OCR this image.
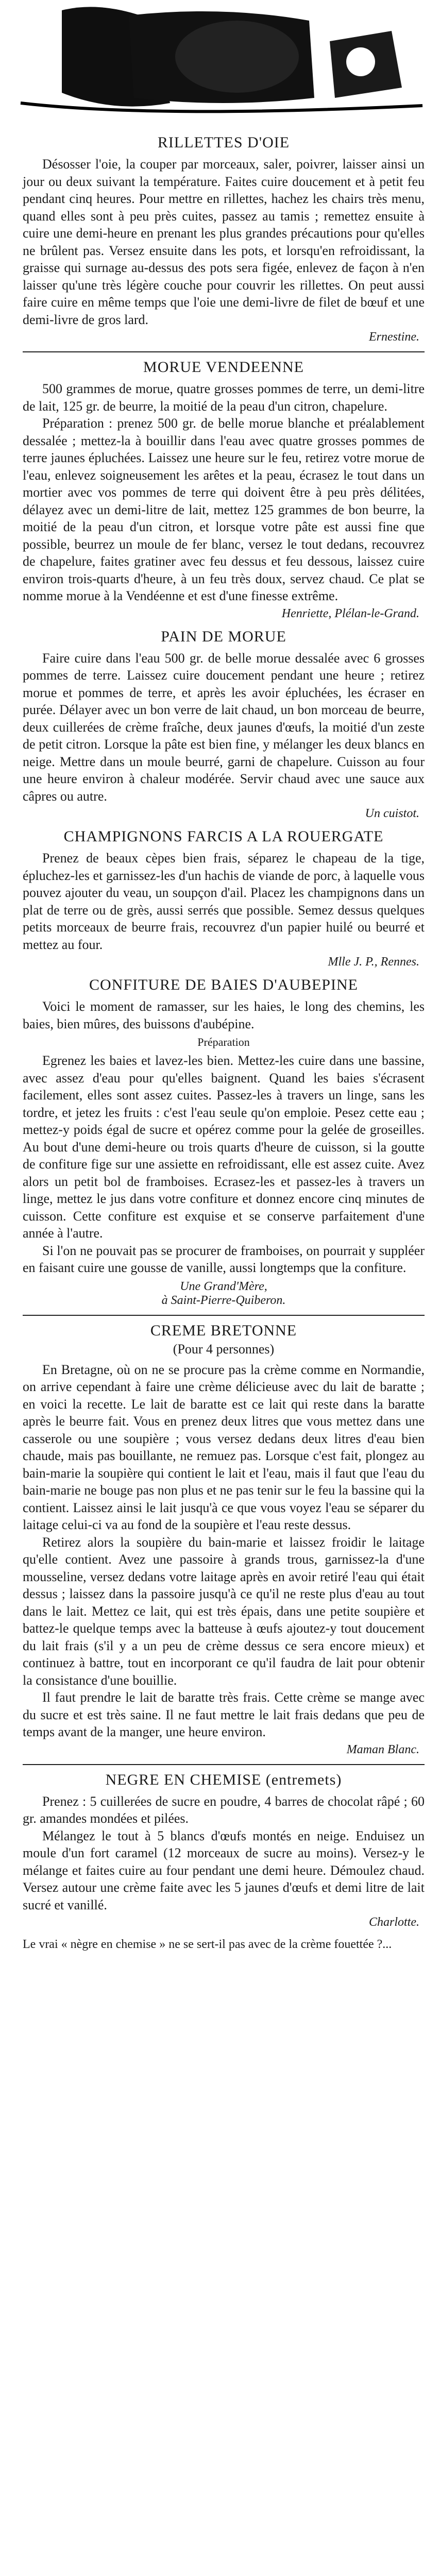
RILLETTES D'OIE

Désosser l'oie, la couper par morceaux, saler, poivrer, laisser ainsi un jour ou deux suivant la température. Faites cuire doucement et à petit feu pendant cinq heures. Pour mettre en rillettes, hachez les chairs très menu, quand elles sont à peu près cuites, passez au tamis ; remettez ensuite à cuire une demi-heure en prenant les plus grandes précautions pour qu'elles ne brûlent pas. Versez ensuite dans les pots, et lorsqu'en refroidissant, la graisse qui surnage au-dessus des pots sera figée, enlevez de façon à n'en laisser qu'une très légère couche pour couvrir les rillettes. On peut aussi faire cuire en même temps que l'oie une demi-livre de filet de bœuf et une demi-livre de gros lard.

Ernestine.
MORUE VENDEENNE

500 grammes de morue, quatre grosses pommes de terre, un demi-litre de lait, 125 gr. de beurre, la moitié de la peau d'un citron, chapelure.

Préparation : prenez 500 gr. de belle morue blanche et préalablement dessalée ; mettez-la à bouillir dans l'eau avec quatre grosses pommes de terre jaunes épluchées. Laissez une heure sur le feu, retirez votre morue de l'eau, enlevez soigneusement les arêtes et la peau, écrasez le tout dans un mortier avec vos pommes de terre qui doivent être à peu près délitées, délayez avec un demi-litre de lait, mettez 125 grammes de bon beurre, la moitié de la peau d'un citron, et lorsque votre pâte est aussi fine que possible, beurrez un moule de fer blanc, versez le tout dedans, recouvrez de chapelure, faites gratiner avec feu dessus et feu dessous, laissez cuire environ trois-quarts d'heure, à un feu très doux, servez chaud. Ce plat se nomme morue à la Vendéenne et est d'une finesse extrême.

Henriette, Plélan-le-Grand.
PAIN DE MORUE

Faire cuire dans l'eau 500 gr. de belle morue dessalée avec 6 grosses pommes de terre. Laissez cuire doucement pendant une heure ; retirez morue et pommes de terre, et après les avoir épluchées, les écraser en purée. Délayer avec un bon verre de lait chaud, un bon morceau de beurre, deux cuillerées de crème fraîche, deux jaunes d'œufs, la moitié d'un zeste de petit citron. Lorsque la pâte est bien fine, y mélanger les deux blancs en neige. Mettre dans un moule beurré, garni de chapelure. Cuisson au four une heure environ à chaleur modérée. Servir chaud avec une sauce aux câpres ou autre.

Un cuistot.
CHAMPIGNONS FARCIS A LA ROUERGATE

Prenez de beaux cèpes bien frais, séparez le chapeau de la tige, épluchez-les et garnissez-les d'un hachis de viande de porc, à laquelle vous pouvez ajouter du veau, un soupçon d'ail. Placez les champignons dans un plat de terre ou de grès, aussi serrés que possible. Semez dessus quelques petits morceaux de beurre frais, recouvrez d'un papier huilé ou beurré et mettez au four.

Mlle J. P., Rennes.
CONFITURE DE BAIES D'AUBEPINE

Voici le moment de ramasser, sur les haies, le long des chemins, les baies, bien mûres, des buissons d'aubépine.

Préparation

Egrenez les baies et lavez-les bien. Mettez-les cuire dans une bassine, avec assez d'eau pour qu'elles baignent. Quand les baies s'écrasent facilement, elles sont assez cuites. Passez-les à travers un linge, sans les tordre, et jetez les fruits : c'est l'eau seule qu'on emploie. Pesez cette eau ; mettez-y poids égal de sucre et opérez comme pour la gelée de groseilles. Au bout d'une demi-heure ou trois quarts d'heure de cuisson, si la goutte de confiture fige sur une assiette en refroidissant, elle est assez cuite. Avez alors un petit bol de framboises. Ecrasez-les et passez-les à travers un linge, mettez le jus dans votre confiture et donnez encore cinq minutes de cuisson. Cette confiture est exquise et se conserve parfaitement d'une année à l'autre.

Si l'on ne pouvait pas se procurer de framboises, on pourrait y suppléer en faisant cuire une gousse de vanille, aussi longtemps que la confiture.

Une Grand'Mère,
à Saint-Pierre-Quiberon.
CREME BRETONNE
(Pour 4 personnes)

En Bretagne, où on ne se procure pas la crème comme en Normandie, on arrive cependant à faire une crème délicieuse avec du lait de baratte ; en voici la recette. Le lait de baratte est ce lait qui reste dans la baratte après le beurre fait. Vous en prenez deux litres que vous mettez dans une casserole ou une soupière ; vous versez dedans deux litres d'eau bien chaude, mais pas bouillante, ne remuez pas. Lorsque c'est fait, plongez au bain-marie la soupière qui contient le lait et l'eau, mais il faut que l'eau du bain-marie ne bouge pas non plus et ne pas tenir sur le feu la bassine qui la contient. Laissez ainsi le lait jusqu'à ce que vous voyez l'eau se séparer du laitage celui-ci va au fond de la soupière et l'eau reste dessus.

Retirez alors la soupière du bain-marie et laissez froidir le laitage qu'elle contient. Avez une passoire à grands trous, garnissez-la d'une mousseline, versez dedans votre laitage après en avoir retiré l'eau qui était dessus ; laissez dans la passoire jusqu'à ce qu'il ne reste plus d'eau au tout dans le lait. Mettez ce lait, qui est très épais, dans une petite soupière et battez-le quelque temps avec la batteuse à œufs ajoutez-y tout doucement du lait frais (s'il y a un peu de crème dessus ce sera encore mieux) et continuez à battre, tout en incorporant ce qu'il faudra de lait pour obtenir la consistance d'une bouillie.

Il faut prendre le lait de baratte très frais. Cette crème se mange avec du sucre et est très saine. Il ne faut mettre le lait frais dedans que peu de temps avant de la manger, une heure environ.

Maman Blanc.
NEGRE EN CHEMISE (entremets)

Prenez : 5 cuillerées de sucre en poudre, 4 barres de chocolat râpé ; 60 gr. amandes mondées et pilées.

Mélangez le tout à 5 blancs d'œufs montés en neige. Enduisez un moule d'un fort caramel (12 morceaux de sucre au moins). Versez-y le mélange et faites cuire au four pendant une demi heure. Démoulez chaud. Versez autour une crème faite avec les 5 jaunes d'œufs et demi litre de lait sucré et vanillé.

Charlotte.
Le vrai « nègre en chemise » ne se sert-il pas avec de la crème fouettée ?...
